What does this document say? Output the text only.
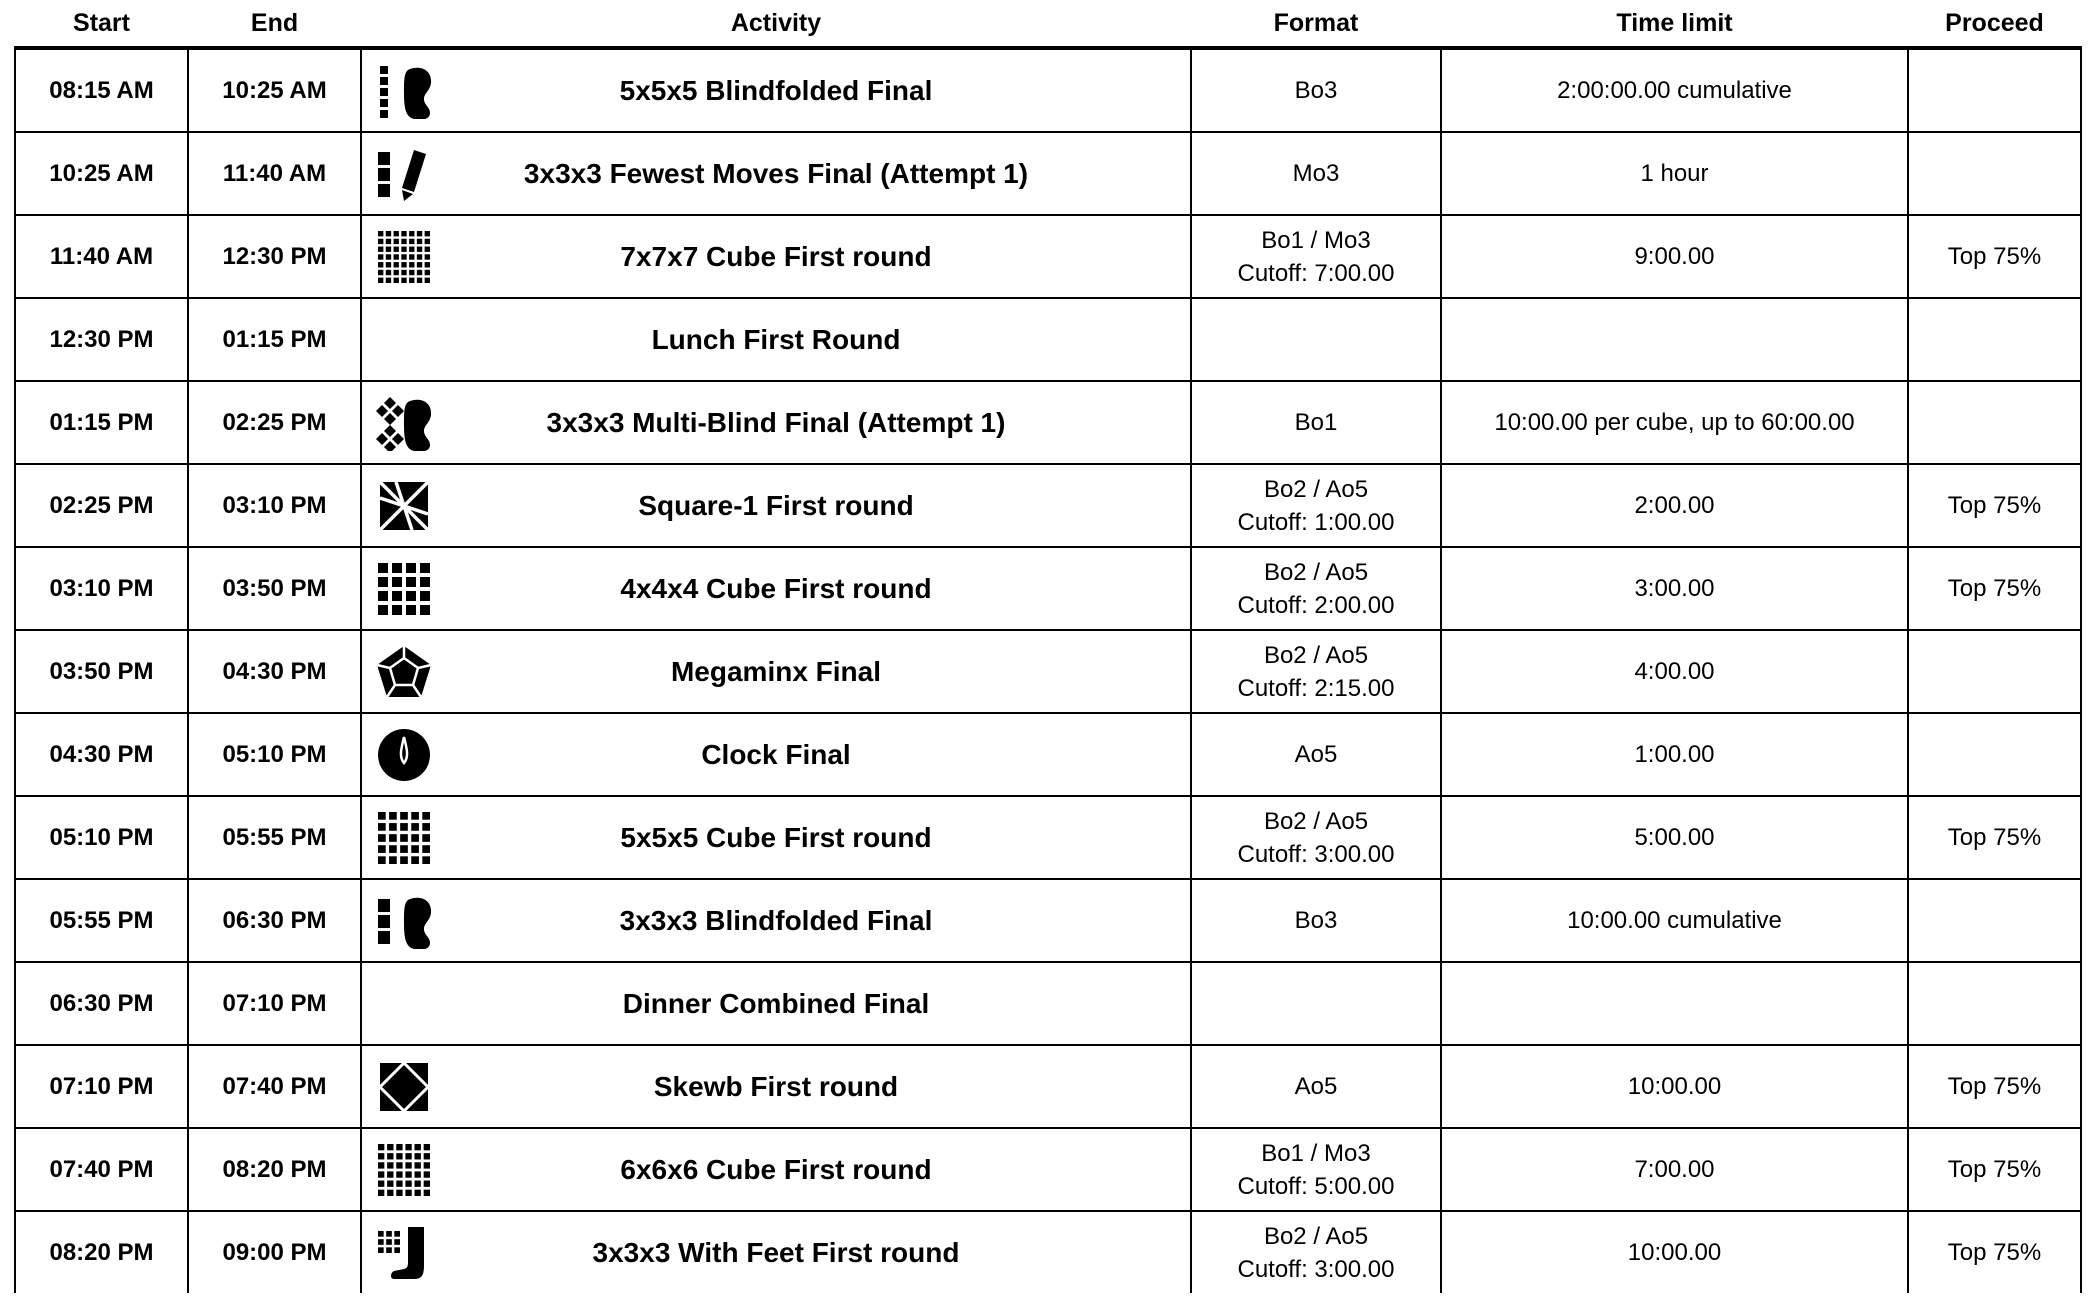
Start	End	Activity	Format	Time limit	Proceed
08:15 AM	10:25 AM	5x5x5 Blindfolded Final	Bo3	2:00:00.00 cumulative	
10:25 AM	11:40 AM	3x3x3 Fewest Moves Final (Attempt 1)	Mo3	1 hour	
11:40 AM	12:30 PM	7x7x7 Cube First round	Bo1 / Mo3
Cutoff: 7:00.00	9:00.00	Top 75%
12:30 PM	01:15 PM	Lunch First Round	

01:15 PM	02:25 PM	3x3x3 Multi-Blind Final (Attempt 1)	Bo1	10:00.00 per cube, up to 60:00.00	
02:25 PM	03:10 PM	Square-1 First round	Bo2 / Ao5
Cutoff: 1:00.00	2:00.00	Top 75%
03:10 PM	03:50 PM	4x4x4 Cube First round	Bo2 / Ao5
Cutoff: 2:00.00	3:00.00	Top 75%
03:50 PM	04:30 PM	Megaminx Final	Bo2 / Ao5
Cutoff: 2:15.00	4:00.00	
04:30 PM	05:10 PM	Clock Final	Ao5	1:00.00	
05:10 PM	05:55 PM	5x5x5 Cube First round	Bo2 / Ao5
Cutoff: 3:00.00	5:00.00	Top 75%
05:55 PM	06:30 PM	3x3x3 Blindfolded Final	Bo3	10:00.00 cumulative	
06:30 PM	07:10 PM	Dinner Combined Final	

07:10 PM	07:40 PM	Skewb First round	Ao5	10:00.00	Top 75%
07:40 PM	08:20 PM	6x6x6 Cube First round	Bo1 / Mo3
Cutoff: 5:00.00	7:00.00	Top 75%
08:20 PM	09:00 PM	3x3x3 With Feet First round	Bo2 / Ao5
Cutoff: 3:00.00	10:00.00	Top 75%
